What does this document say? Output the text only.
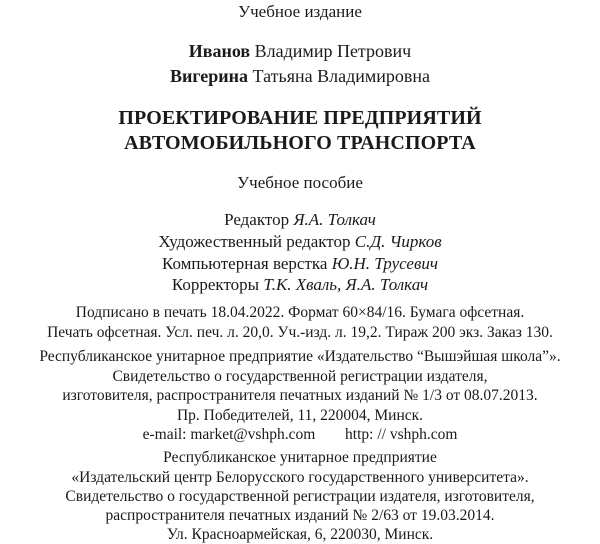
Учебное издание
Иванов Владимир Петрович
Вигерина Татьяна Владимировна
ПРОЕКТИРОВАНИЕ ПРЕДПРИЯТИЙ
АВТОМОБИЛЬНОГО ТРАНСПОРТА
Учебное пособие
Редактор Я.А. Толкач
Художественный редактор С.Д. Чирков
Компьютерная верстка Ю.Н. Трусевич
Корректоры Т.К. Хваль, Я.А. Толкач
Подписано в печать 18.04.2022. Формат 60×84/16. Бумага офсетная.
Печать офсетная. Усл. печ. л. 20,0. Уч.-изд. л. 19,2. Тираж 200 экз. Заказ 130.
Республиканское унитарное предприятие «Издательство “Вышэйшая школа”».
Свидетельство о государственной регистрации издателя,
изготовителя, распространителя печатных изданий № 1/3 от 08.07.2013.
Пр. Победителей, 11, 220004, Минск.
e-mail: market@vshph.com http: // vshph.com
Республиканское унитарное предприятие
«Издательский центр Белорусского государственного университета».
Свидетельство о государственной регистрации издателя, изготовителя,
распространителя печатных изданий № 2/63 от 19.03.2014.
Ул. Красноармейская, 6, 220030, Минск.
